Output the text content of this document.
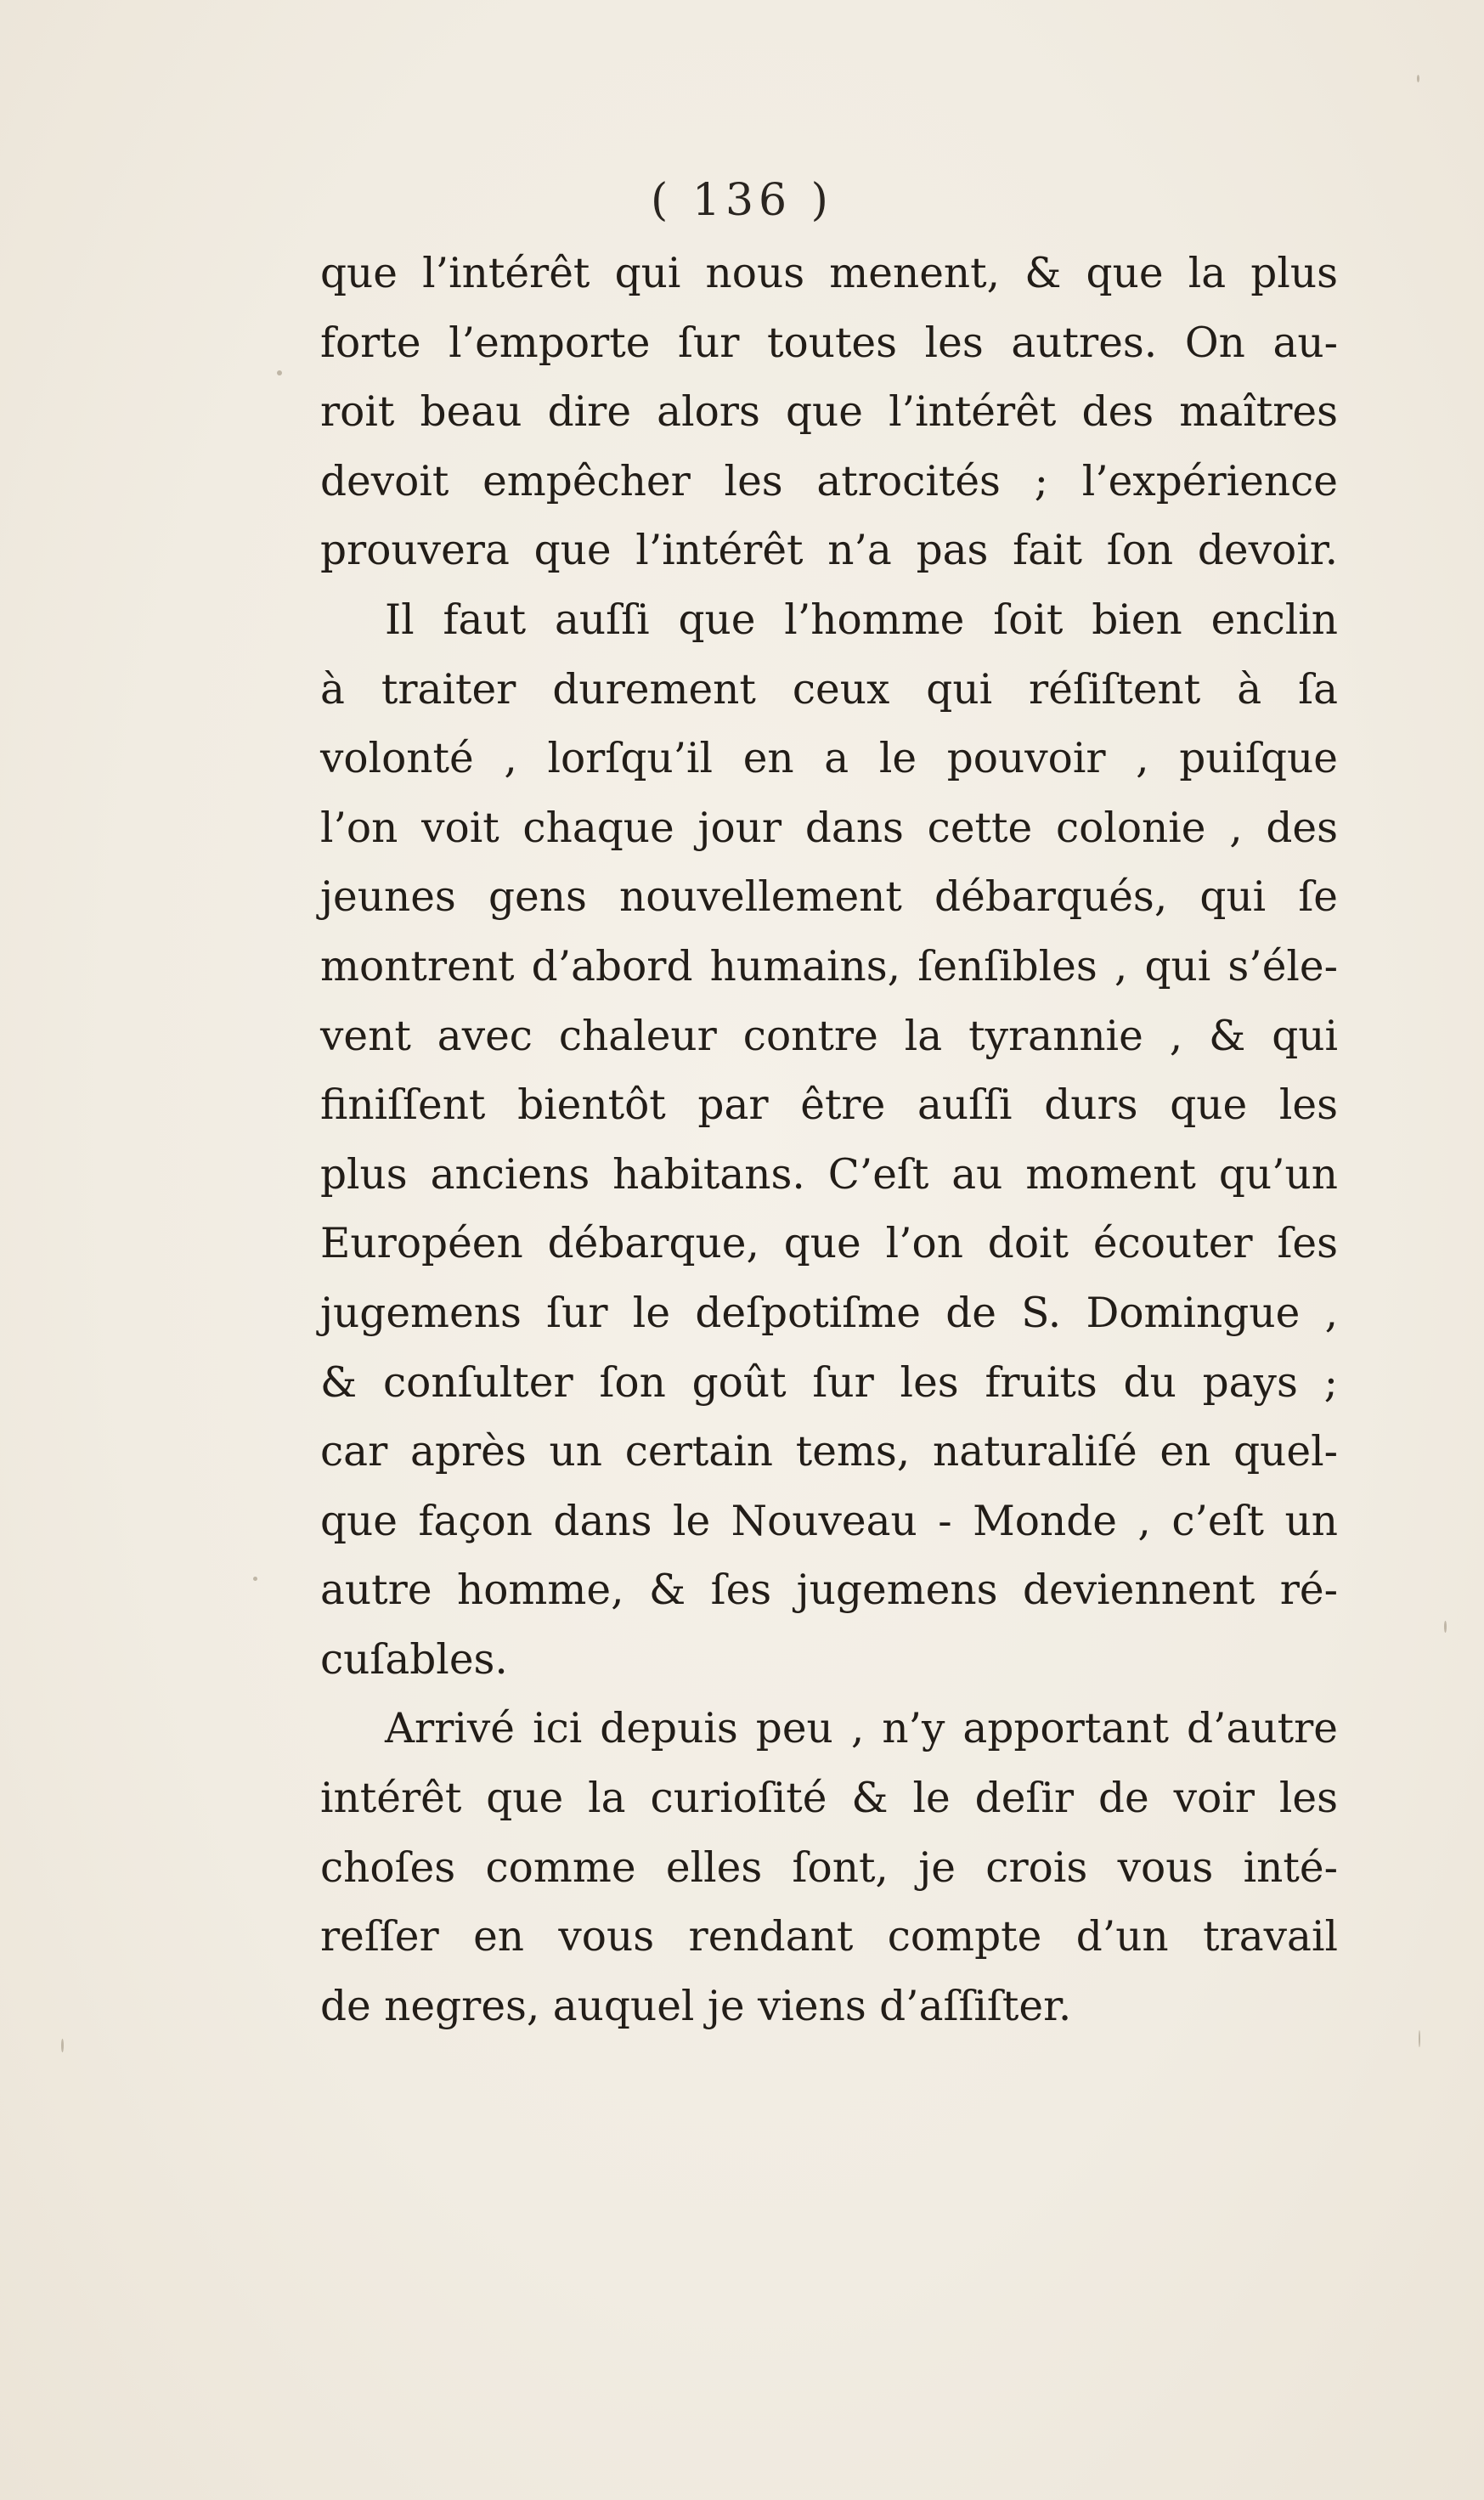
( 136 )
que l’intérêt qui nous menent, & que la plus
forte l’emporte ſur toutes les autres. On au-
roit beau dire alors que l’intérêt des maîtres
devoit empêcher les atrocités ; l’expérience
prouvera que l’intérêt n’a pas fait ſon devoir.
Il faut auſſi que l’homme ſoit bien enclin
à traiter durement ceux qui réſiſtent à ſa
volonté , lorſqu’il en a le pouvoir , puiſque
l’on voit chaque jour dans cette colonie , des
jeunes gens nouvellement débarqués, qui ſe
montrent d’abord humains, ſenſibles , qui s’éle-
vent avec chaleur contre la tyrannie , & qui
finiſſent bientôt par être auſſi durs que les
plus anciens habitans. C’eſt au moment qu’un
Européen débarque, que l’on doit écouter ſes
jugemens ſur le deſpotiſme de S. Domingue ,
& conſulter ſon goût ſur les fruits du pays ;
car après un certain tems, naturaliſé en quel-
que façon dans le Nouveau - Monde , c’eſt un
autre homme, & ſes jugemens deviennent ré-
cuſables.
Arrivé ici depuis peu , n’y apportant d’autre
intérêt que la curioſité & le deſir de voir les
choſes comme elles ſont, je crois vous inté-
reſſer en vous rendant compte d’un travail
de negres, auquel je viens d’aſſiſter.
